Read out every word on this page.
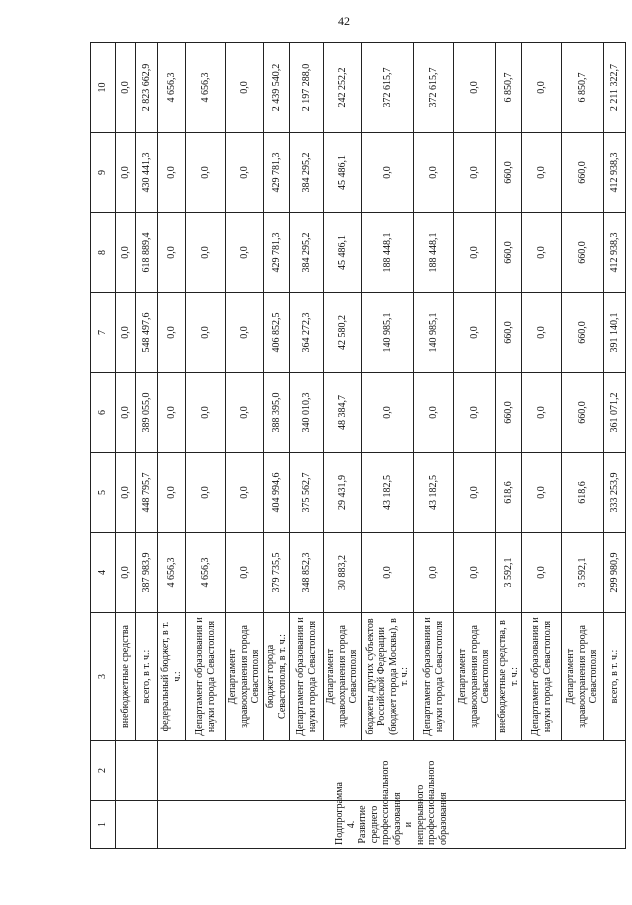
42
1	2	3	4	5	6	7	8	9	10
		внебюджетные средства	0,0	0,0	0,0	0,0	0,0	0,0	0,0
		всего, в т. ч.:	387 983,9	448 795,7	389 055,0	548 497,6	618 889,4	430 441,3	2 823 662,9
Подпрограмма 4. Развитие среднего профессионального образования и непрерывного профессионального образования		федеральный бюджет, в т. ч.:	4 656,3	0,0	0,0	0,0	0,0	0,0	4 656,3
		Департамент образования и науки города Севастополя	4 656,3	0,0	0,0	0,0	0,0	0,0	4 656,3
		Департамент здравоохранения города Севастополя	0,0	0,0	0,0	0,0	0,0	0,0	0,0
		бюджет города Севастополя, в т. ч.:	379 735,5	404 994,6	388 395,0	406 852,5	429 781,3	429 781,3	2 439 540,2
		Департамент образования и науки города Севастополя	348 852,3	375 562,7	340 010,3	364 272,3	384 295,2	384 295,2	2 197 288,0
		Департамент здравоохранения города Севастополя	30 883,2	29 431,9	48 384,7	42 580,2	45 486,1	45 486,1	242 252,2
		бюджеты других субъектов Российской Федерации (бюджет города Москвы), в т. ч.:	0,0	43 182,5	0,0	140 985,1	188 448,1	0,0	372 615,7
		Департамент образования и науки города Севастополя	0,0	43 182,5	0,0	140 985,1	188 448,1	0,0	372 615,7
		Департамент здравоохранения города Севастополя	0,0	0,0	0,0	0,0	0,0	0,0	0,0
		внебюджетные средства, в т. ч.:	3 592,1	618,6	660,0	660,0	660,0	660,0	6 850,7
		Департамент образования и науки города Севастополя	0,0	0,0	0,0	0,0	0,0	0,0	0,0
		Департамент здравоохранения города Севастополя	3 592,1	618,6	660,0	660,0	660,0	660,0	6 850,7
		всего, в т. ч.:	299 980,9	333 253,9	361 071,2	391 140,1	412 938,3	412 938,3	2 211 322,7
